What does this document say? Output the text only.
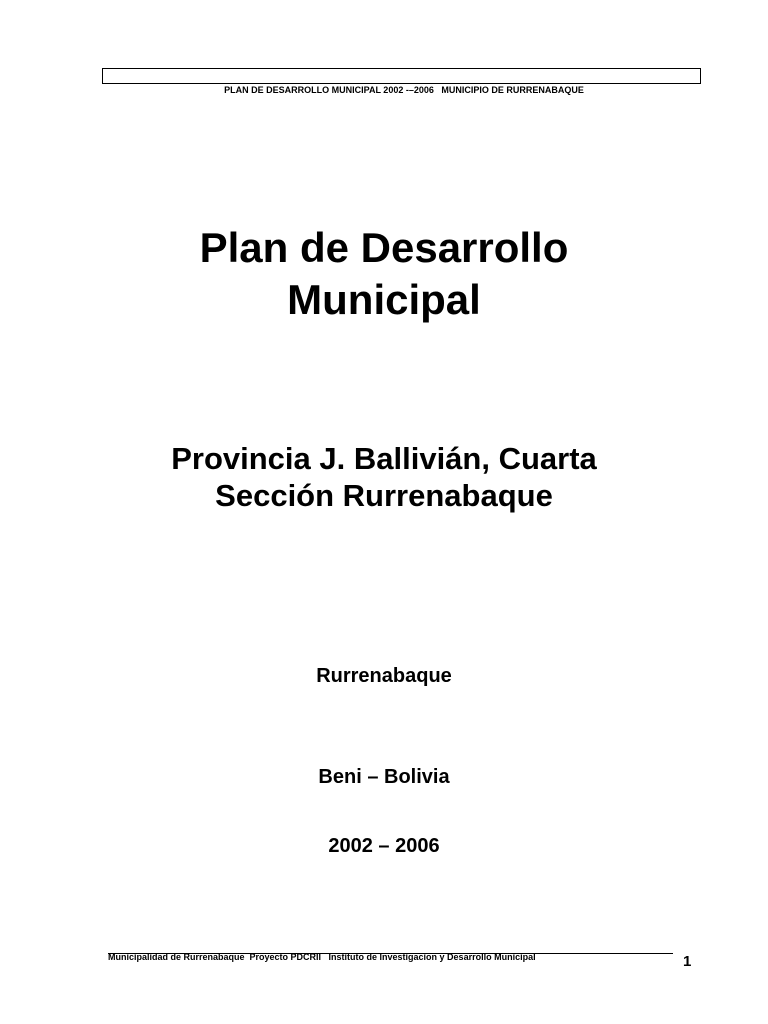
PLAN DE DESARROLLO MUNICIPAL 2002 -–2006   MUNICIPIO DE RURRENABAQUE

Plan de Desarrollo
Municipal
Provincia J. Ballivián, Cuarta
Sección Rurrenabaque
Rurrenabaque
Beni – Bolivia
2002 – 2006
Municipalidad de Rurrenabaque  Proyecto PDCRII   Instituto de Investigacion y Desarrollo Municipal	1
